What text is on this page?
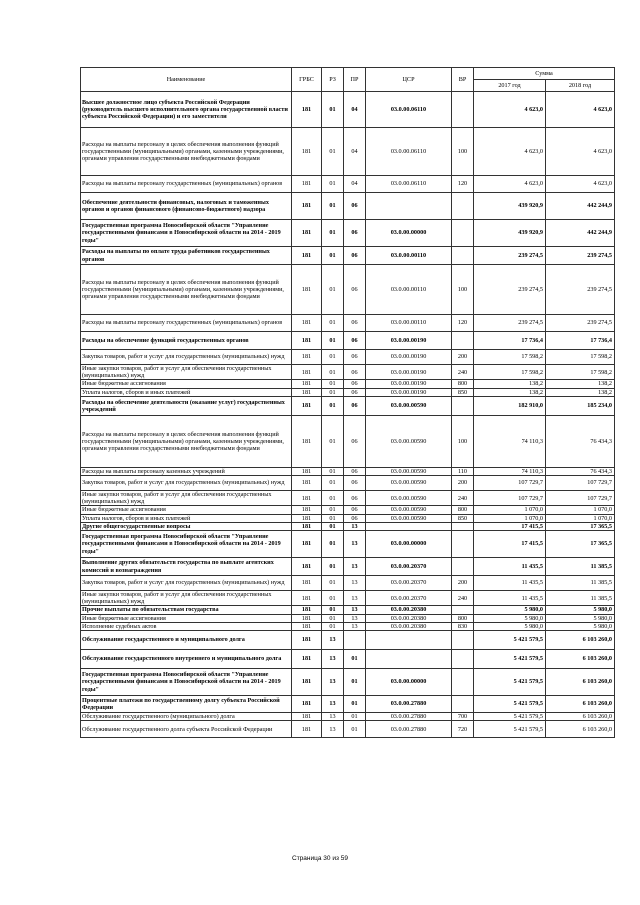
Наименование	ГРБС	РЗ	ПР	ЦСР	ВР	Сумма	
						2017 год	2018 год
Высшее должностное лицо субъекта Российской Федерации (руководитель высшего исполнительного органа государственной власти субъекта Российской Федерации) и его заместители	181	01	04	03.0.00.06110		4 623,0	4 623,0
Расходы на выплаты персоналу в целях обеспечения выполнения функций государственными (муниципальными) органами, казенными учреждениями, органами управления государственными внебюджетными фондами	181	01	04	03.0.00.06110	100	4 623,0	4 623,0
Расходы на выплаты персоналу государственных (муниципальных) органов	181	01	04	03.0.00.06110	120	4 623,0	4 623,0
Обеспечение деятельности финансовых, налоговых и таможенных органов и органов финансового (финансово-бюджетного) надзора	181	01	06			439 920,9	442 244,9
Государственная программа Новосибирской области "Управление государственными финансами в Новосибирской области на 2014 - 2019 годы"	181	01	06	03.0.00.00000		439 920,9	442 244,9
Расходы на выплаты по оплате труда работников государственных органов	181	01	06	03.0.00.00110		239 274,5	239 274,5
Расходы на выплаты персоналу в целях обеспечения выполнения функций государственными (муниципальными) органами, казенными учреждениями, органами управления государственными внебюджетными фондами	181	01	06	03.0.00.00110	100	239 274,5	239 274,5
Расходы на выплаты персоналу государственных (муниципальных) органов	181	01	06	03.0.00.00110	120	239 274,5	239 274,5
Расходы на обеспечение функций государственных органов	181	01	06	03.0.00.00190		17 736,4	17 736,4
Закупка товаров, работ и услуг для государственных (муниципальных) нужд	181	01	06	03.0.00.00190	200	17 598,2	17 598,2
Иные закупки товаров, работ и услуг для обеспечения государственных (муниципальных) нужд	181	01	06	03.0.00.00190	240	17 598,2	17 598,2
Иные бюджетные ассигнования	181	01	06	03.0.00.00190	800	138,2	138,2
Уплата налогов, сборов и иных платежей	181	01	06	03.0.00.00190	850	138,2	138,2
Расходы на обеспечение деятельности (оказание услуг) государственных учреждений	181	01	06	03.0.00.00590		182 910,0	185 234,0
Расходы на выплаты персоналу в целях обеспечения выполнения функций государственными (муниципальными) органами, казенными учреждениями, органами управления государственными внебюджетными фондами	181	01	06	03.0.00.00590	100	74 110,3	76 434,3
Расходы на выплаты персоналу казенных учреждений	181	01	06	03.0.00.00590	110	74 110,3	76 434,3
Закупка товаров, работ и услуг для государственных (муниципальных) нужд	181	01	06	03.0.00.00590	200	107 729,7	107 729,7
Иные закупки товаров, работ и услуг для обеспечения государственных (муниципальных) нужд	181	01	06	03.0.00.00590	240	107 729,7	107 729,7
Иные бюджетные ассигнования	181	01	06	03.0.00.00590	800	1 070,0	1 070,0
Уплата налогов, сборов и иных платежей	181	01	06	03.0.00.00590	850	1 070,0	1 070,0
Другие общегосударственные вопросы	181	01	13			17 415,5	17 365,5
Государственная программа Новосибирской области "Управление государственными финансами в Новосибирской области на 2014 - 2019 годы"	181	01	13	03.0.00.00000		17 415,5	17 365,5
Выполнение других обязательств государства по выплате агентских комиссий и вознаграждения	181	01	13	03.0.00.20370		11 435,5	11 385,5
Закупка товаров, работ и услуг для государственных (муниципальных) нужд	181	01	13	03.0.00.20370	200	11 435,5	11 385,5
Иные закупки товаров, работ и услуг для обеспечения государственных (муниципальных) нужд	181	01	13	03.0.00.20370	240	11 435,5	11 385,5
Прочие выплаты по обязательствам государства	181	01	13	03.0.00.20380		5 980,0	5 980,0
Иные бюджетные ассигнования	181	01	13	03.0.00.20380	800	5 980,0	5 980,0
Исполнение судебных актов	181	01	13	03.0.00.20380	830	5 980,0	5 980,0
Обслуживание государственного и муниципального долга	181	13				5 421 579,5	6 103 260,0
Обслуживание государственного внутреннего и муниципального долга	181	13	01			5 421 579,5	6 103 260,0
Государственная программа Новосибирской области "Управление государственными финансами в Новосибирской области на 2014 - 2019 годы"	181	13	01	03.0.00.00000		5 421 579,5	6 103 260,0
Процентные платежи по государственному долгу субъекта Российской Федерации	181	13	01	03.0.00.27880		5 421 579,5	6 103 260,0
Обслуживание государственного (муниципального) долга	181	13	01	03.0.00.27880	700	5 421 579,5	6 103 260,0
Обслуживание государственного долга субъекта Российской Федерации	181	13	01	03.0.00.27880	720	5 421 579,5	6 103 260,0
Страница 30 из 59
